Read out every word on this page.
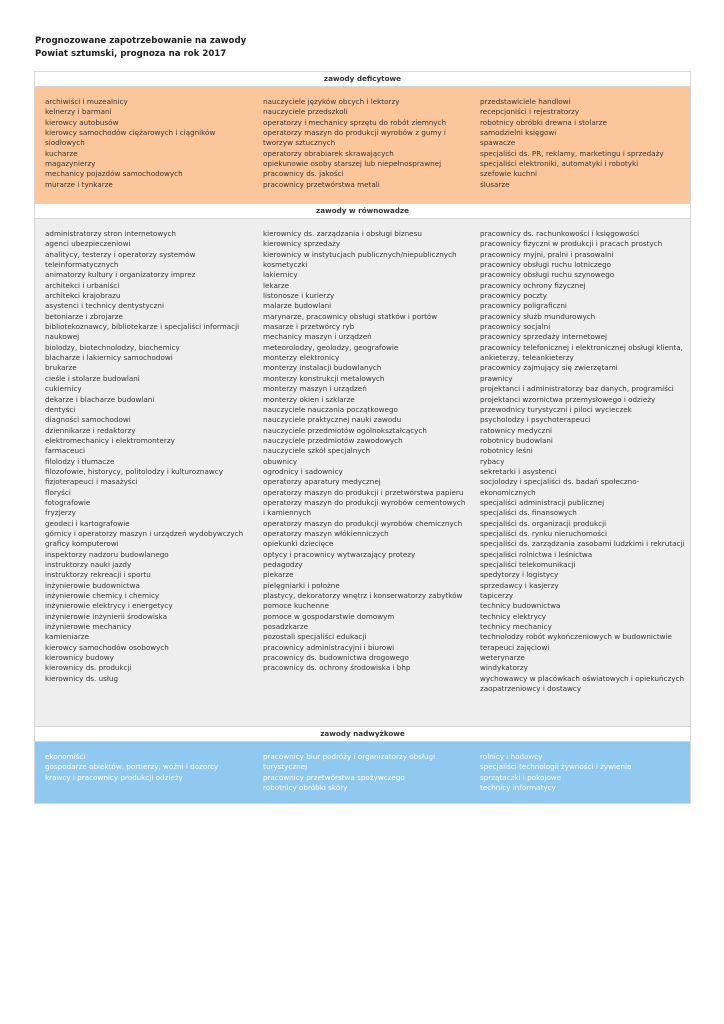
Prognozowane zapotrzebowanie na zawody
Powiat sztumski, prognoza na rok 2017
zawody deficytowe
archiwiści i muzealnicy
kelnerzy i barmani
kierowcy autobusów
kierowcy samochodów ciężarowych i ciągników siodłowych
kucharze
magazynierzy
mechanicy pojazdów samochodowych
murarze i tynkarze
nauczyciele języków obcych i lektorzy
nauczyciele przedszkoli
operatorzy i mechanicy sprzętu do robót ziemnych
operatorzy maszyn do produkcji wyrobów z gumy i tworzyw sztucznych
operatorzy obrabiarek skrawających
opiekunowie osoby starszej lub niepełnosprawnej
pracownicy ds. jakości
pracownicy przetwórstwa metali
przedstawiciele handlowi
recepcjoniści i rejestratorzy
robotnicy obróbki drewna i stolarze
samodzielni księgowi
spawacze
specjaliści ds. PR, reklamy, marketingu i sprzedaży
specjaliści elektroniki, automatyki i robotyki
szefowie kuchni
ślusarze
zawody w równowadze
administratorzy stron internetowych
agenci ubezpieczeniowi
analitycy, testerzy i operatorzy systemów teleinformatycznych
animatorzy kultury i organizatorzy imprez
architekci i urbaniści
architekci krajobrazu
asystenci i technicy dentystyczni
betoniarze i zbrojarze
bibliotekoznawcy, bibliotekarze i specjaliści informacji naukowej
biolodzy, biotechnolodzy, biochemicy
blacharze i lakiernicy samochodowi
brukarze
cieśle i stolarze budowlani
cukiernicy
dekarze i blacharze budowlani
dentyści
diagności samochodowi
dziennikarze i redaktorzy
elektromechanicy i elektromonterzy
farmaceuci
filolodzy i tłumacze
filozofowie, historycy, politolodzy i kulturoznawcy
fizjoterapeuci i masażyści
floryści
fotografowie
fryzjerzy
geodeci i kartografowie
górnicy i operatorzy maszyn i urządzeń wydobywczych
graficy komputerowi
inspektorzy nadzoru budowlanego
instruktorzy nauki jazdy
instruktorzy rekreacji i sportu
inżynierowie budownictwa
inżynierowie chemicy i chemicy
inżynierowie elektrycy i energetycy
inżynierowie inżynierii środowiska
inżynierowie mechanicy
kamieniarze
kierowcy samochodów osobowych
kierownicy budowy
kierownicy ds. produkcji
kierownicy ds. usług
kierownicy ds. zarządzania i obsługi biznesu
kierownicy sprzedaży
kierownicy w instytucjach publicznych/niepublicznych
kosmetyczki
lakiernicy
lekarze
listonosze i kurierzy
malarze budowlani
marynarze, pracownicy obsługi statków i portów
masarze i przetwórcy ryb
mechanicy maszyn i urządzeń
meteorolodzy, geolodzy, geografowie
monterzy elektronicy
monterzy instalacji budowlanych
monterzy konstrukcji metalowych
monterzy maszyn i urządzeń
monterzy okien i szklarze
nauczyciele nauczania początkowego
nauczyciele praktycznej nauki zawodu
nauczyciele przedmiotów ogólnokształcących
nauczyciele przedmiotów zawodowych
nauczyciele szkół specjalnych
obuwnicy
ogrodnicy i sadownicy
operatorzy aparatury medycznej
operatorzy maszyn do produkcji i przetwórstwa papieru
operatorzy maszyn do produkcji wyrobów cementowych i kamiennych
operatorzy maszyn do produkcji wyrobów chemicznych
operatorzy maszyn włókienniczych
opiekunki dziecięce
optycy i pracownicy wytwarzający protezy
pedagodzy
piekarze
pielęgniarki i położne
plastycy, dekoratorzy wnętrz i konserwatorzy zabytków
pomoce kuchenne
pomoce w gospodarstwie domowym
posadzkarze
pozostali specjaliści edukacji
pracownicy administracyjni i biurowi
pracownicy ds. budownictwa drogowego
pracownicy ds. ochrony środowiska i bhp
pracownicy ds. rachunkowości i księgowości
pracownicy fizyczni w produkcji i pracach prostych
pracownicy myjni, pralni i prasowalni
pracownicy obsługi ruchu lotniczego
pracownicy obsługi ruchu szynowego
pracownicy ochrony fizycznej
pracownicy poczty
pracownicy poligraficzni
pracownicy służb mundurowych
pracownicy socjalni
pracownicy sprzedaży internetowej
pracownicy telefonicznej i elektronicznej obsługi klienta, ankieterzy, teleankieterzy
pracownicy zajmujący się zwierzętami
prawnicy
projektanci i administratorzy baz danych, programiści
projektanci wzornictwa przemysłowego i odzieży
przewodnicy turystyczni i piloci wycieczek
psycholodzy i psychoterapeuci
ratownicy medyczni
robotnicy budowlani
robotnicy leśni
rybacy
sekretarki i asystenci
socjolodzy i specjaliści ds. badań społeczno-ekonomicznych
specjaliści administracji publicznej
specjaliści ds. finansowych
specjaliści ds. organizacji produkcji
specjaliści ds. rynku nieruchomości
specjaliści ds. zarządzania zasobami ludzkimi i rekrutacji
specjaliści rolnictwa i leśnictwa
specjaliści telekomunikacji
spedytorzy i logistycy
sprzedawcy i kasjerzy
tapicerzy
technicy budownictwa
technicy elektrycy
technicy mechanicy
technolodzy robót wykończeniowych w budownictwie
terapeuci zajęciowi
weterynarze
windykatorzy
wychowawcy w placówkach oświatowych i opiekuńczych
zaopatrzeniowcy i dostawcy
zawody nadwyżkowe
ekonomiści
gospodarze obiektów, portierzy, woźni i dozorcy
krawcy i pracownicy produkcji odzieży
pracownicy biur podróży i organizatorzy obsługi turystycznej
pracownicy przetwórstwa spożywczego
robotnicy obróbki skóry
rolnicy i hodowcy
specjaliści technologii żywności i żywienia
sprzątaczki i pokojowe
technicy informatycy
